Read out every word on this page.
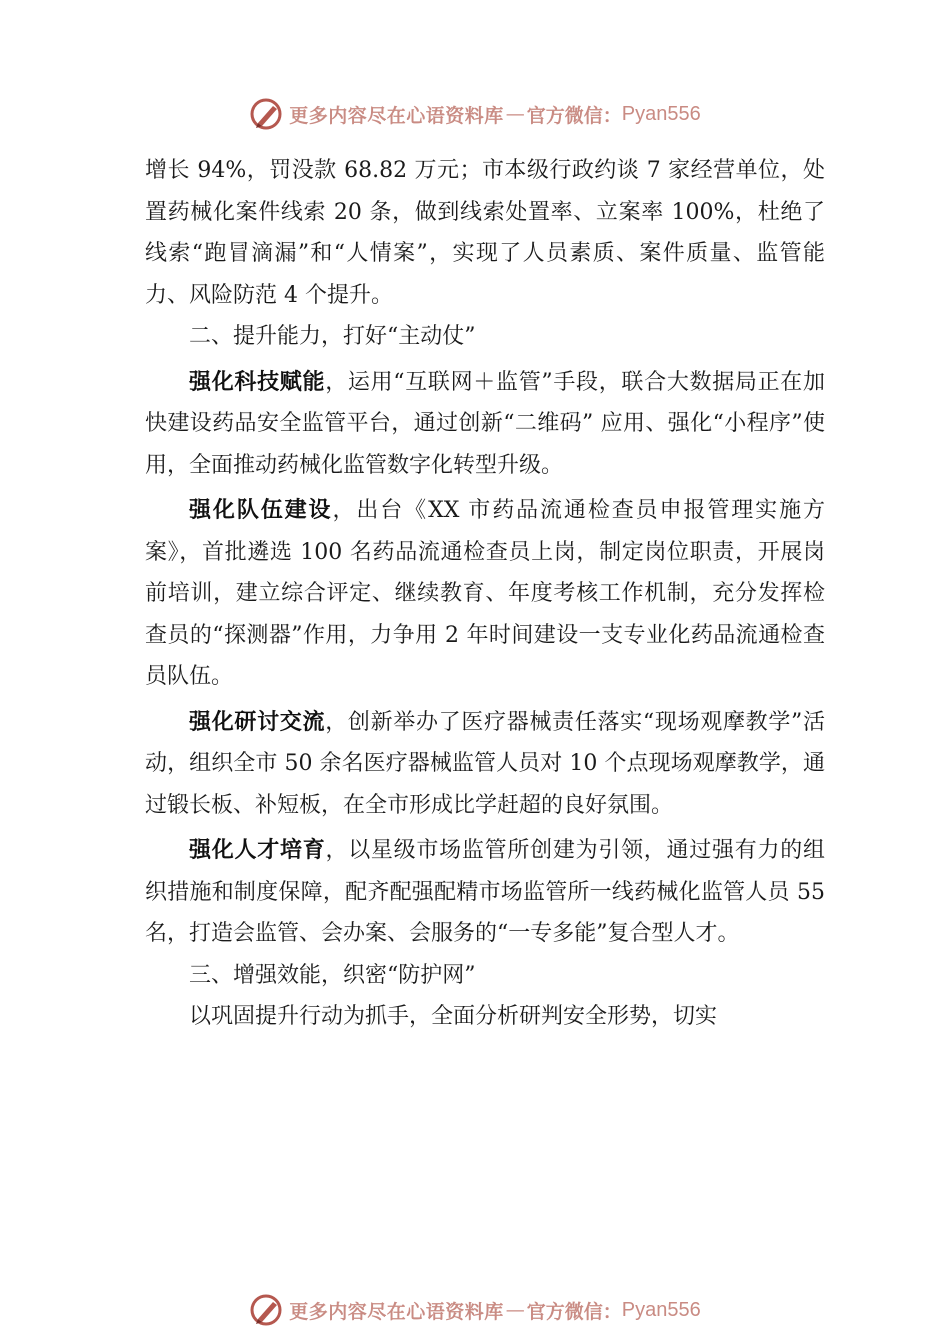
更多内容尽在心语资料库 — 官方微信： Pyan556

增长 94%，罚没款 68.82 万元；市本级行政约谈 7 家经营单位，处置药械化案件线索 20 条，做到线索处置率、立案率 100%，杜绝了线索“跑冒滴漏”和“人情案”，实现了人员素质、案件质量、监管能力、风险防范 4 个提升。

二、提升能力，打好“主动仗”

强化科技赋能，运用“互联网＋监管”手段，联合大数据局正在加快建设药品安全监管平台，通过创新“二维码” 应用、强化“小程序”使用，全面推动药械化监管数字化转型升级。

强化队伍建设，出台《XX 市药品流通检查员申报管理实施方案》，首批遴选 100 名药品流通检查员上岗，制定岗位职责，开展岗前培训，建立综合评定、继续教育、年度考核工作机制，充分发挥检查员的“探测器”作用，力争用 2 年时间建设一支专业化药品流通检查员队伍。

强化研讨交流，创新举办了医疗器械责任落实“现场观摩教学”活动，组织全市 50 余名医疗器械监管人员对 10 个点现场观摩教学，通过锻长板、补短板，在全市形成比学赶超的良好氛围。

强化人才培育，以星级市场监管所创建为引领，通过强有力的组织措施和制度保障，配齐配强配精市场监管所一线药械化监管人员 55 名，打造会监管、会办案、会服务的“一专多能”复合型人才。

三、增强效能，织密“防护网”

以巩固提升行动为抓手，全面分析研判安全形势，切实

更多内容尽在心语资料库 — 官方微信： Pyan556
